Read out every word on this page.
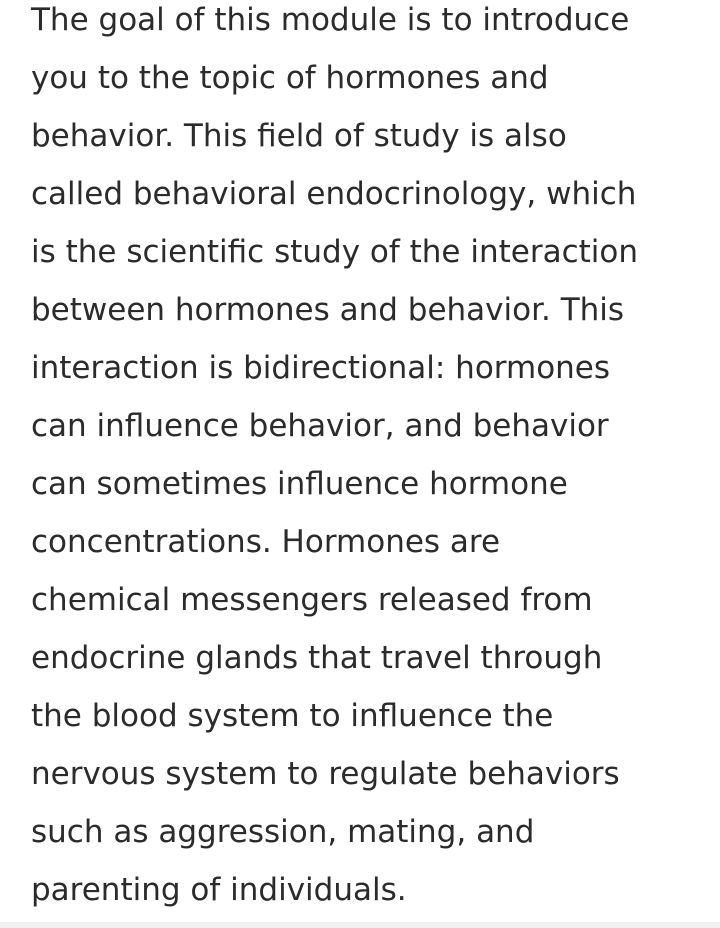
The goal of this module is to introduce
you to the topic of hormones and
behavior. This field of study is also
called behavioral endocrinology, which
is the scientific study of the interaction
between hormones and behavior. This
interaction is bidirectional: hormones
can influence behavior, and behavior
can sometimes influence hormone
concentrations. Hormones are
chemical messengers released from
endocrine glands that travel through
the blood system to influence the
nervous system to regulate behaviors
such as aggression, mating, and
parenting of individuals.
